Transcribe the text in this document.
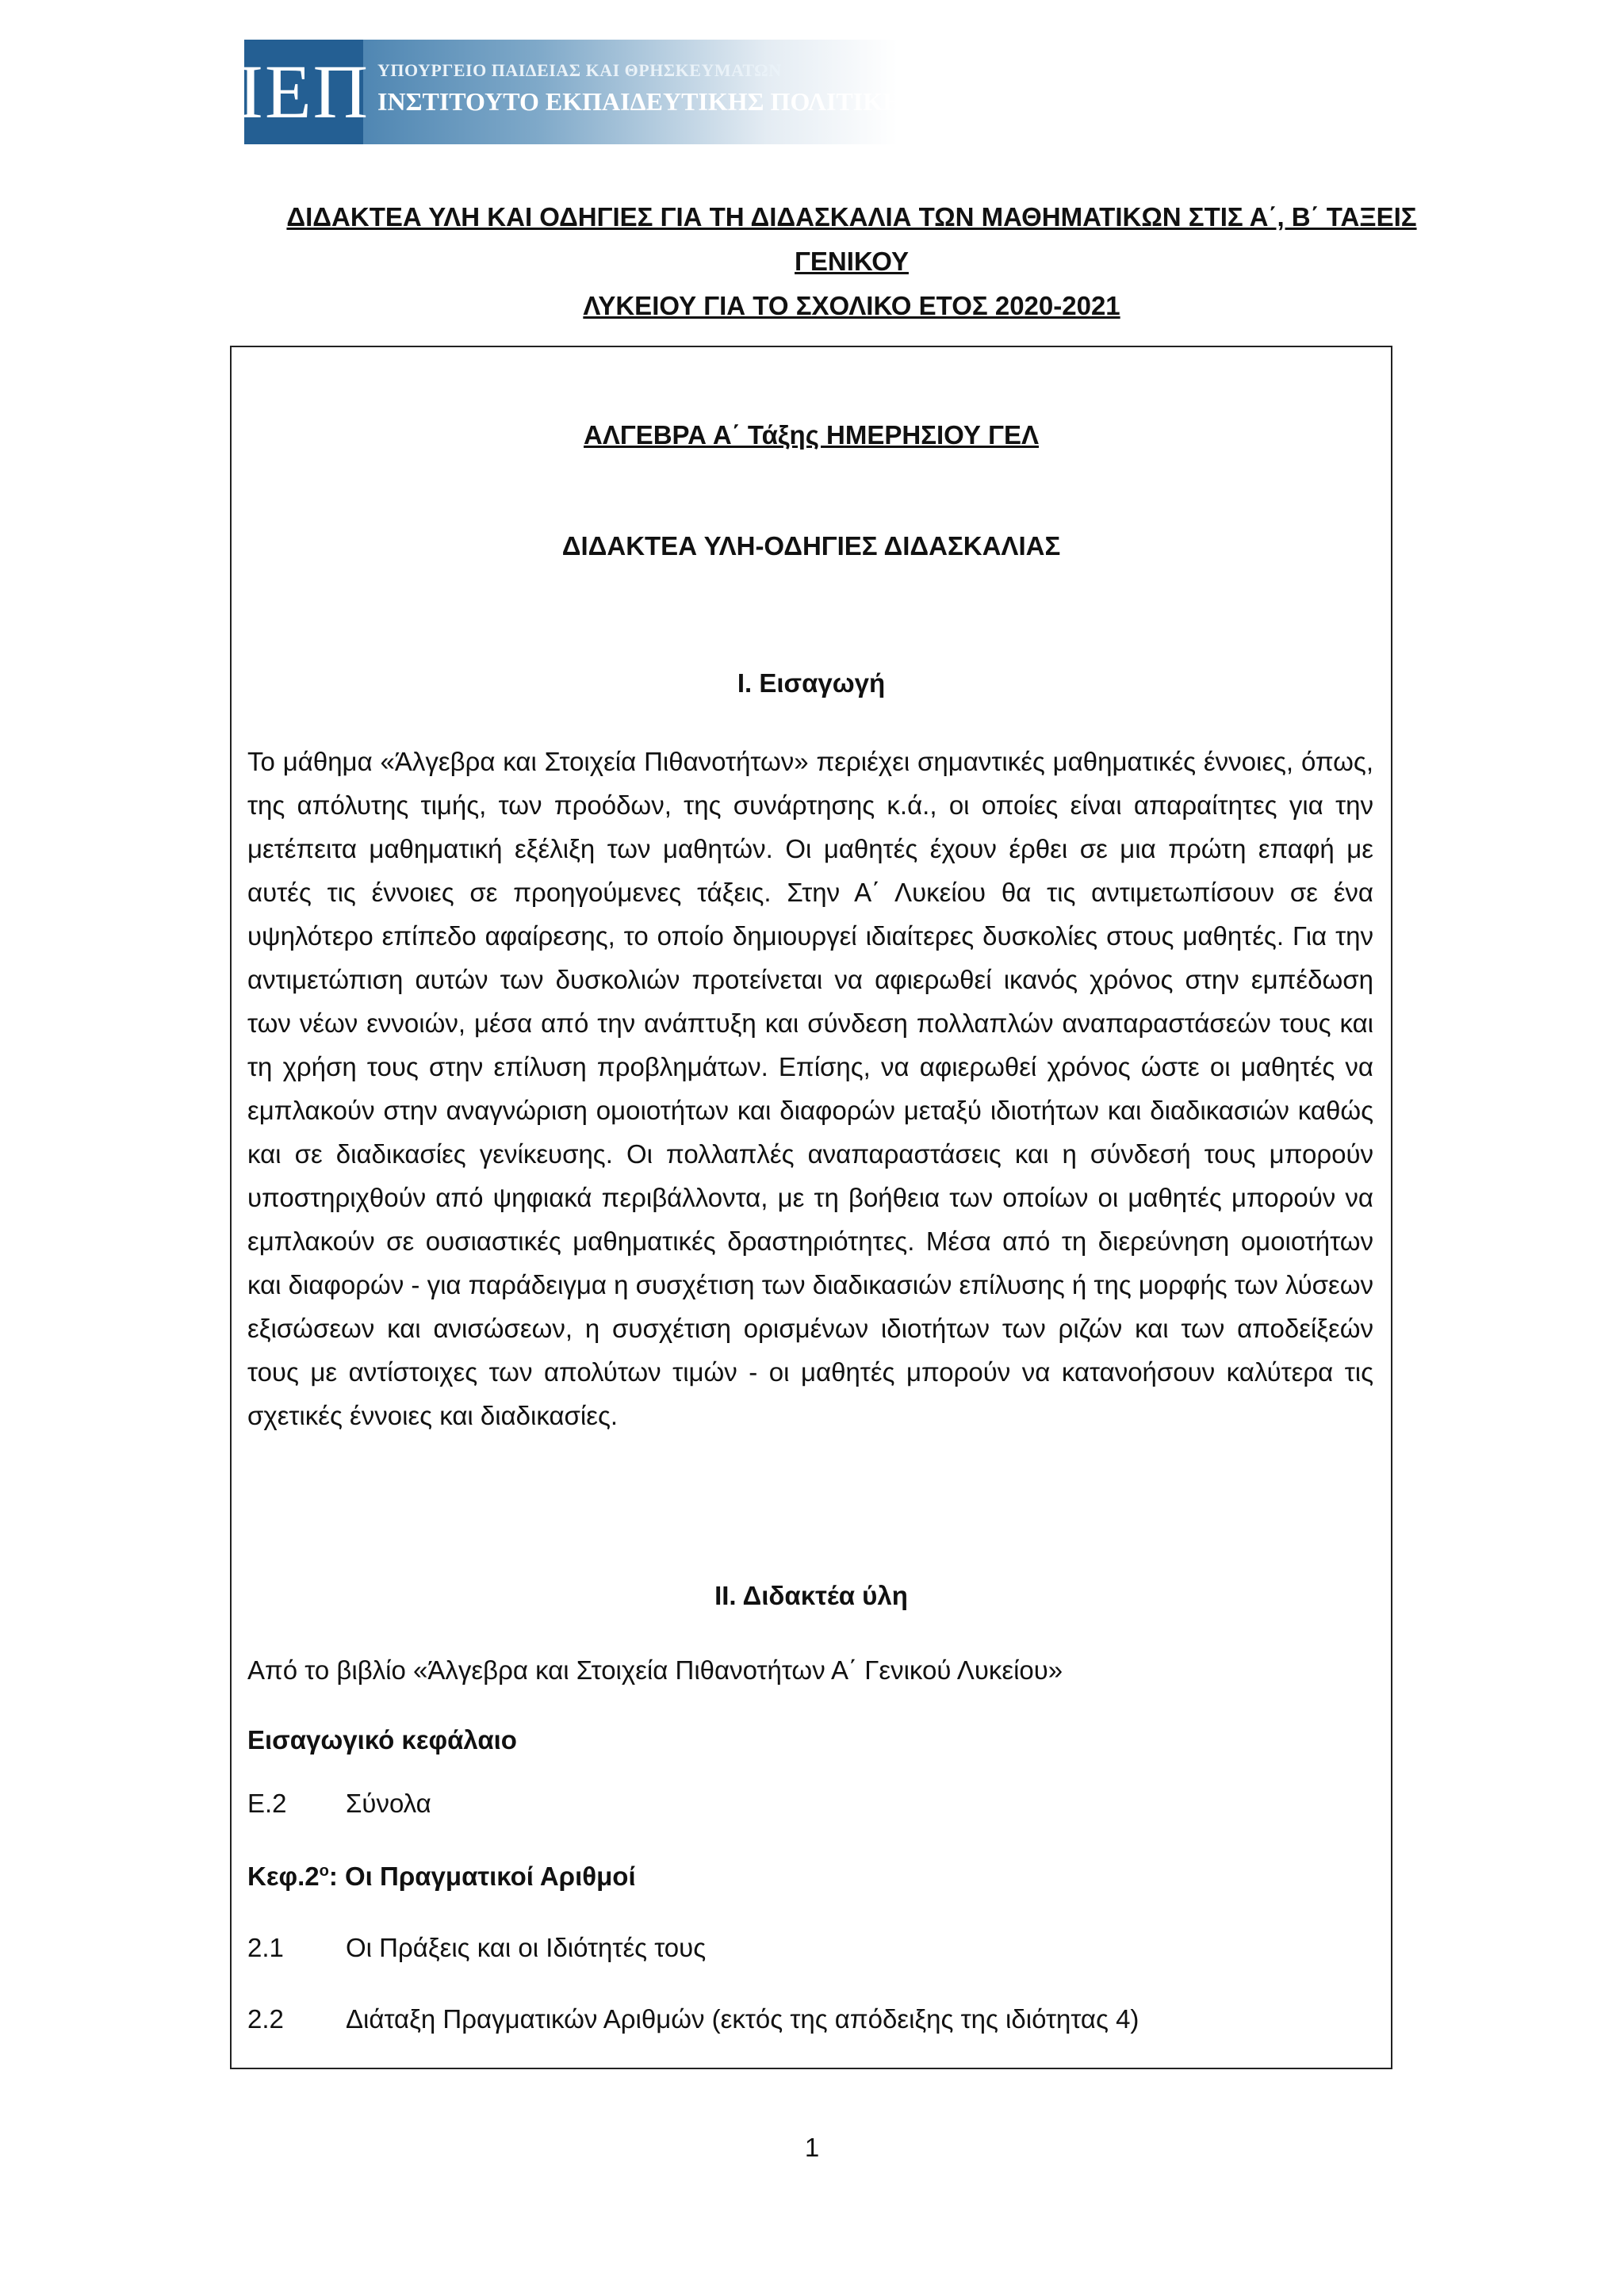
ΙΕΠ ΥΠΟΥΡΓΕΙΟ ΠΑΙΔΕΙΑΣ ΚΑΙ ΘΡΗΣΚΕΥΜΑΤΩΝ
ΙΝΣΤΙΤΟΥΤΟ ΕΚΠΑΙΔΕΥΤΙΚΗΣ ΠΟΛΙΤΙΚΗΣ
ΔΙΔΑΚΤΕΑ ΥΛΗ ΚΑΙ ΟΔΗΓΙΕΣ ΓΙΑ ΤΗ ΔΙΔΑΣΚΑΛΙΑ ΤΩΝ ΜΑΘΗΜΑΤΙΚΩΝ ΣΤΙΣ Α΄, Β΄ ΤΑΞΕΙΣ ΓΕΝΙΚΟΥ
ΛΥΚΕΙΟΥ ΓΙΑ ΤΟ ΣΧΟΛΙΚΟ ΕΤΟΣ 2020-2021
ΑΛΓΕΒΡΑ Α΄ Τάξης ΗΜΕΡΗΣΙΟΥ ΓΕΛ
ΔΙΔΑΚΤΕΑ ΥΛΗ-ΟΔΗΓΙΕΣ ΔΙΔΑΣΚΑΛΙΑΣ
Ι. Εισαγωγή
Το μάθημα «Άλγεβρα και Στοιχεία Πιθανοτήτων» περιέχει σημαντικές μαθηματικές έννοιες, όπως, της απόλυτης τιμής, των προόδων, της συνάρτησης κ.ά., οι οποίες είναι απαραίτητες για την μετέπειτα μαθηματική εξέλιξη των μαθητών. Οι μαθητές έχουν έρθει σε μια πρώτη επαφή με αυτές τις έννοιες σε προηγούμενες τάξεις. Στην Α΄ Λυκείου θα τις αντιμετωπίσουν σε ένα υψηλότερο επίπεδο αφαίρεσης, το οποίο δημιουργεί ιδιαίτερες δυσκολίες στους μαθητές. Για την αντιμετώπιση αυτών των δυσκολιών προτείνεται να αφιερωθεί ικανός χρόνος στην εμπέδωση των νέων εννοιών, μέσα από την ανάπτυξη και σύνδεση πολλαπλών αναπαραστάσεών τους και τη χρήση τους στην επίλυση προβλημάτων. Επίσης, να αφιερωθεί χρόνος ώστε οι μαθητές να εμπλακούν στην αναγνώριση ομοιοτήτων και διαφορών μεταξύ ιδιοτήτων και διαδικασιών καθώς και σε διαδικασίες γενίκευσης. Οι πολλαπλές αναπαραστάσεις και η σύνδεσή τους μπορούν υποστηριχθούν από ψηφιακά περιβάλλοντα, με τη βοήθεια των οποίων οι μαθητές μπορούν να εμπλακούν σε ουσιαστικές μαθηματικές δραστηριότητες. Μέσα από τη διερεύνηση ομοιοτήτων και διαφορών - για παράδειγμα η συσχέτιση των διαδικασιών επίλυσης ή της μορφής των λύσεων εξισώσεων και ανισώσεων, η συσχέτιση ορισμένων ιδιοτήτων των ριζών και των αποδείξεών τους με αντίστοιχες των απολύτων τιμών - οι μαθητές μπορούν να κατανοήσουν καλύτερα τις σχετικές έννοιες και διαδικασίες.
ΙΙ. Διδακτέα ύλη
Από το βιβλίο «Άλγεβρα και Στοιχεία Πιθανοτήτων Α΄ Γενικού Λυκείου»
Εισαγωγικό κεφάλαιο
Ε.2 Σύνολα
$K\varepsilon\varphi.2^o$: Οι Πραγματικοί Αριθμοί
2.1 Οι Πράξεις και οι Ιδιότητές τους
2.2 Διάταξη Πραγματικών Αριθμών (εκτός της απόδειξης της ιδιότητας 4)
1
